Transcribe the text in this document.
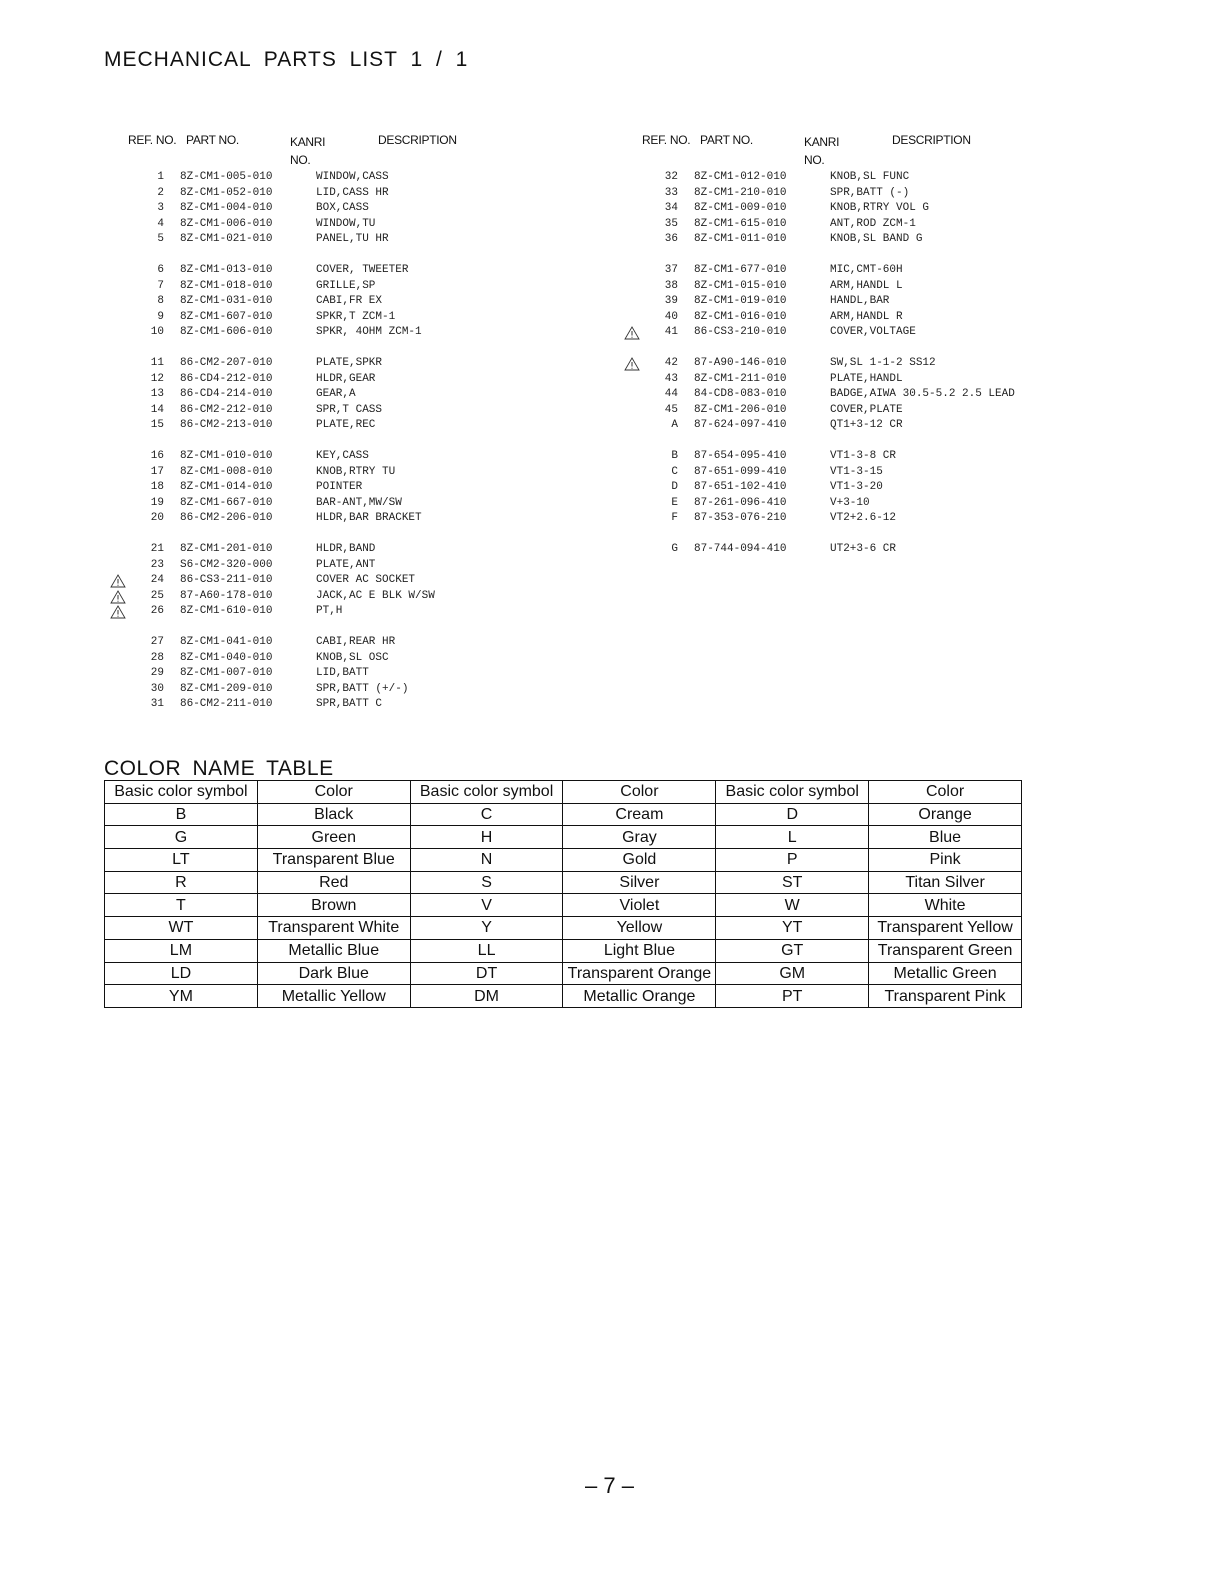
MECHANICAL PARTS LIST 1 / 1
REF. NO. PART NO.	KANRI
NO.
DESCRIPTION
1 8Z-CM1-005-010	WINDOW,CASS
2 8Z-CM1-052-010	LID,CASS HR
3 8Z-CM1-004-010	BOX,CASS
4 8Z-CM1-006-010	WINDOW,TU
5 8Z-CM1-021-010	PANEL,TU HR
6 8Z-CM1-013-010	COVER, TWEETER
7 8Z-CM1-018-010	GRILLE,SP
8 8Z-CM1-031-010	CABI,FR EX
9 8Z-CM1-607-010	SPKR,T ZCM-1
10 8Z-CM1-606-010	SPKR, 4OHM ZCM-1
11 86-CM2-207-010	PLATE,SPKR
12 86-CD4-212-010	HLDR,GEAR
13 86-CD4-214-010	GEAR,A
14 86-CM2-212-010	SPR,T CASS
15 86-CM2-213-010	PLATE,REC
16 8Z-CM1-010-010	KEY,CASS
17 8Z-CM1-008-010	KNOB,RTRY TU
18 8Z-CM1-014-010	POINTER
19 8Z-CM1-667-010	BAR-ANT,MW/SW
20 86-CM2-206-010	HLDR,BAR BRACKET
21 8Z-CM1-201-010	HLDR,BAND
23 S6-CM2-320-000	PLATE,ANT
24 86-CS3-211-010	COVER AC SOCKET
25 87-A60-178-010	JACK,AC E BLK W/SW
26 8Z-CM1-610-010	PT,H
27 8Z-CM1-041-010	CABI,REAR HR
28 8Z-CM1-040-010	KNOB,SL OSC
29 8Z-CM1-007-010	LID,BATT
30 8Z-CM1-209-010	SPR,BATT (+/-)
31 86-CM2-211-010	SPR,BATT C
REF. NO. PART NO.	KANRI
NO.
DESCRIPTION
32 8Z-CM1-012-010	KNOB,SL FUNC
33 8Z-CM1-210-010	SPR,BATT (-)
34 8Z-CM1-009-010	KNOB,RTRY VOL G
35 8Z-CM1-615-010	ANT,ROD ZCM-1
36 8Z-CM1-011-010	KNOB,SL BAND G
37 8Z-CM1-677-010	MIC,CMT-60H
38 8Z-CM1-015-010	ARM,HANDL L
39 8Z-CM1-019-010	HANDL,BAR
40 8Z-CM1-016-010	ARM,HANDL R
41 86-CS3-210-010	COVER,VOLTAGE
42 87-A90-146-010	SW,SL 1-1-2 SS12
43 8Z-CM1-211-010	PLATE,HANDL
44 84-CD8-083-010	BADGE,AIWA 30.5-5.2 2.5 LEAD
45 8Z-CM1-206-010	COVER,PLATE
A 87-624-097-410	QT1+3-12 CR
B 87-654-095-410	VT1-3-8 CR
C 87-651-099-410	VT1-3-15
D 87-651-102-410	VT1-3-20
E 87-261-096-410	V+3-10
F 87-353-076-210	VT2+2.6-12
G 87-744-094-410	UT2+3-6 CR
COLOR NAME TABLE
Basic color symbol	Color	Basic color symbol	Color	Basic color symbol	Color
B	Black	C	Cream	D	Orange
G	Green	H	Gray	L	Blue
LT	Transparent Blue	N	Gold	P	Pink
R	Red	S	Silver	ST	Titan Silver
T	Brown	V	Violet	W	White
WT	Transparent White	Y	Yellow	YT	Transparent Yellow
LM	Metallic Blue	LL	Light Blue	GT	Transparent Green
LD	Dark Blue	DT	Transparent Orange	GM	Metallic Green
YM	Metallic Yellow	DM	Metallic Orange	PT	Transparent Pink
– 7 –
